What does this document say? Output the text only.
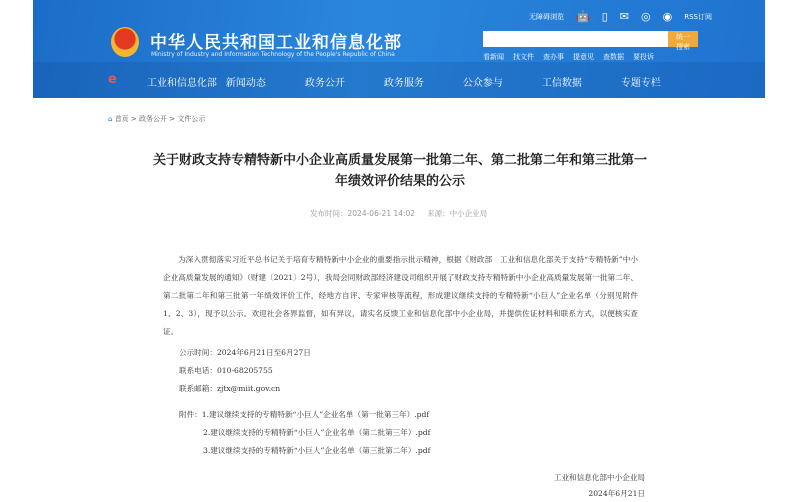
中华人民共和国工业和信息化部
Ministry of Industry and Information Technology of the People's Republic of China
无障碍浏览 🤖 ▯ ✉ ◎ ◉ RSS订阅
统一搜索
看新闻 找文件 查办事 提意见 查数据 要投诉
e	工业和信息化部 新闻动态	政务公开	政务服务	公众参与	工信数据	专题专栏
⌂ 首页 > 政务公开 > 文件公示
关于财政支持专精特新中小企业高质量发展第一批第二年、第二批第二年和第三批第一年绩效评价结果的公示
发布时间：2024-06-21 14:02 来源：中小企业局
为深入贯彻落实习近平总书记关于培育专精特新中小企业的重要指示批示精神，根据《财政部　工业和信息化部关于支持“专精特新”中小企业高质量发展的通知》（财建〔2021〕2号），我局会同财政部经济建设司组织开展了财政支持专精特新中小企业高质量发展第一批第二年、第二批第二年和第三批第一年绩效评价工作，经地方自评、专家审核等流程，形成建议继续支持的专精特新“小巨人”企业名单（分别见附件1、2、3），现予以公示。欢迎社会各界监督，如有异议，请实名反馈工业和信息化部中小企业局，并提供佐证材料和联系方式，以便核实查证。
公示时间：2024年6月21日至6月27日
联系电话：010-68205755
联系邮箱：zjtx@miit.gov.cn
附件：1.建议继续支持的专精特新“小巨人”企业名单（第一批第三年）.pdf
2.建议继续支持的专精特新“小巨人”企业名单（第二批第三年）.pdf
3.建议继续支持的专精特新“小巨人”企业名单（第三批第二年）.pdf
工业和信息化部中小企业局
2024年6月21日
